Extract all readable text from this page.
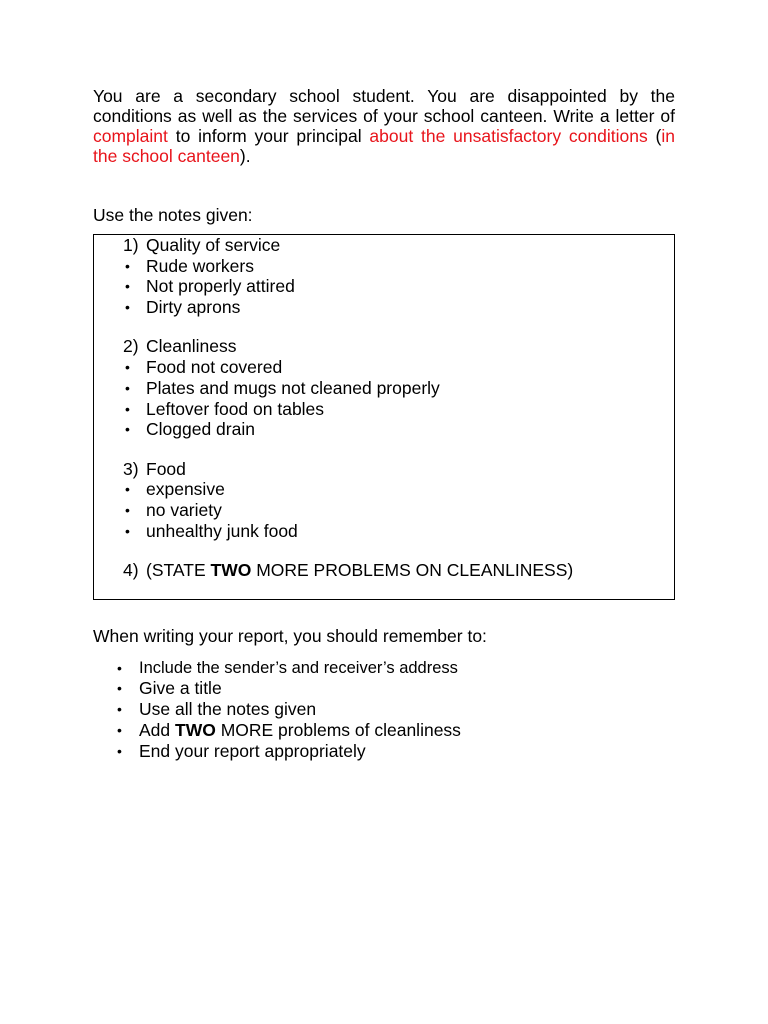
You are a secondary school student. You are disappointed by the conditions as well as the services of your school canteen. Write a letter of complaint to inform your principal about the unsatisfactory conditions (in the school canteen).

Use the notes given:

1) Quality of service
• Rude workers
• Not properly attired
• Dirty aprons
2) Cleanliness
• Food not covered
• Plates and mugs not cleaned properly
• Leftover food on tables
• Clogged drain
3) Food
• expensive
• no variety
• unhealthy junk food
4) (STATE TWO MORE PROBLEMS ON CLEANLINESS)
When writing your report, you should remember to:
• Include the sender’s and receiver’s address
• Give a title
• Use all the notes given
• Add TWO MORE problems of cleanliness
• End your report appropriately
